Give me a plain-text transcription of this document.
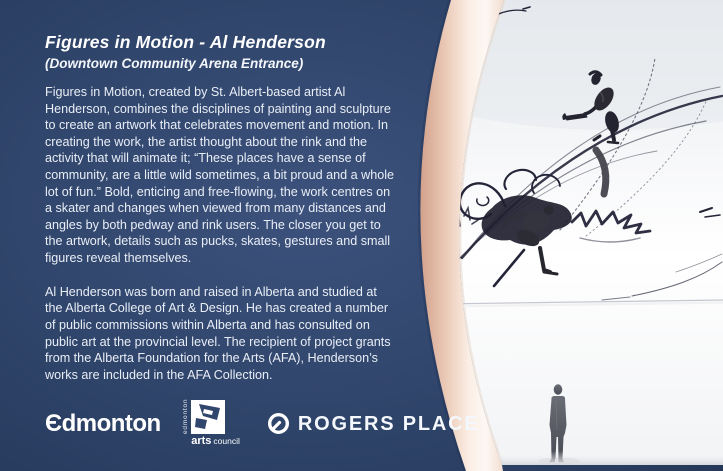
Figures in Motion - Al Henderson
(Downtown Community Arena Entrance)

Figures in Motion, created by St. Albert-based artist Al Henderson, combines the disciplines of painting and sculpture to create an artwork that celebrates movement and motion. In creating the work, the artist thought about the rink and the activity that will animate it; “These places have a sense of community, are a little wild sometimes, a bit proud and a whole lot of fun.” Bold, enticing and free-flowing, the work centres on a skater and changes when viewed from many distances and angles by both pedway and rink users. The closer you get to the artwork, details such as pucks, skates, gestures and small figures reveal themselves.

Al Henderson was born and raised in Alberta and studied at the Alberta College of Art & Design. He has created a number of public commissions within Alberta and has consulted on public art at the provincial level. The recipient of project grants from the Alberta Foundation for the Arts (AFA), Henderson’s works are included in the AFA Collection.

Єdmonton	edmonton
arts council
ROGERS PLACE
